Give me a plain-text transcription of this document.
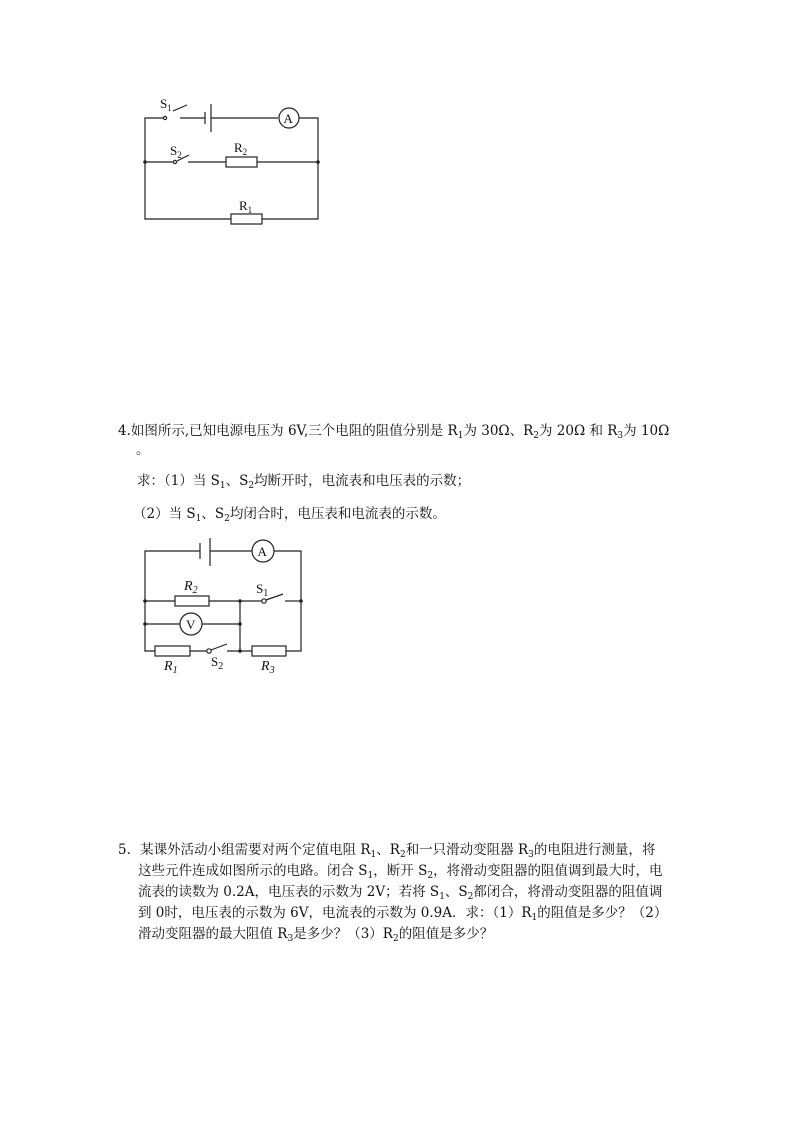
A
$S_1$
$S_2$	$R_2$
$R_1$
A
V
$R_2$	$S_1$
$R_1$
$S_2$	$R_3$
4.如图所示,已知电源电压为 6V,三个电阻的阻值分别是 $R_1$为 30Ω、$R_2$为 20Ω 和 $R_3$为 10Ω
。
求：（1）当 $S_1$、$S_2$均断开时，电流表和电压表的示数；
（2）当 $S_1$、$S_2$均闭合时，电压表和电流表的示数。
5．某课外活动小组需要对两个定值电阻 $R_1$、$R_2$和一只滑动变阻器 $R_3$的电阻进行测量，将
这些元件连成如图所示的电路。闭合 $S_1$，断开 $S_2$，将滑动变阻器的阻值调到最大时，电
流表的读数为 0.2A，电压表的示数为 2V；若将 $S_1$、$S_2$都闭合，将滑动变阻器的阻值调
到 0时，电压表的示数为 6V，电流表的示数为 0.9A．求：$(1)R_1$的阻值是多少？（2）
滑动变阻器的最大阻值 $R_3$是多少？$(3)R_2$的阻值是多少？
